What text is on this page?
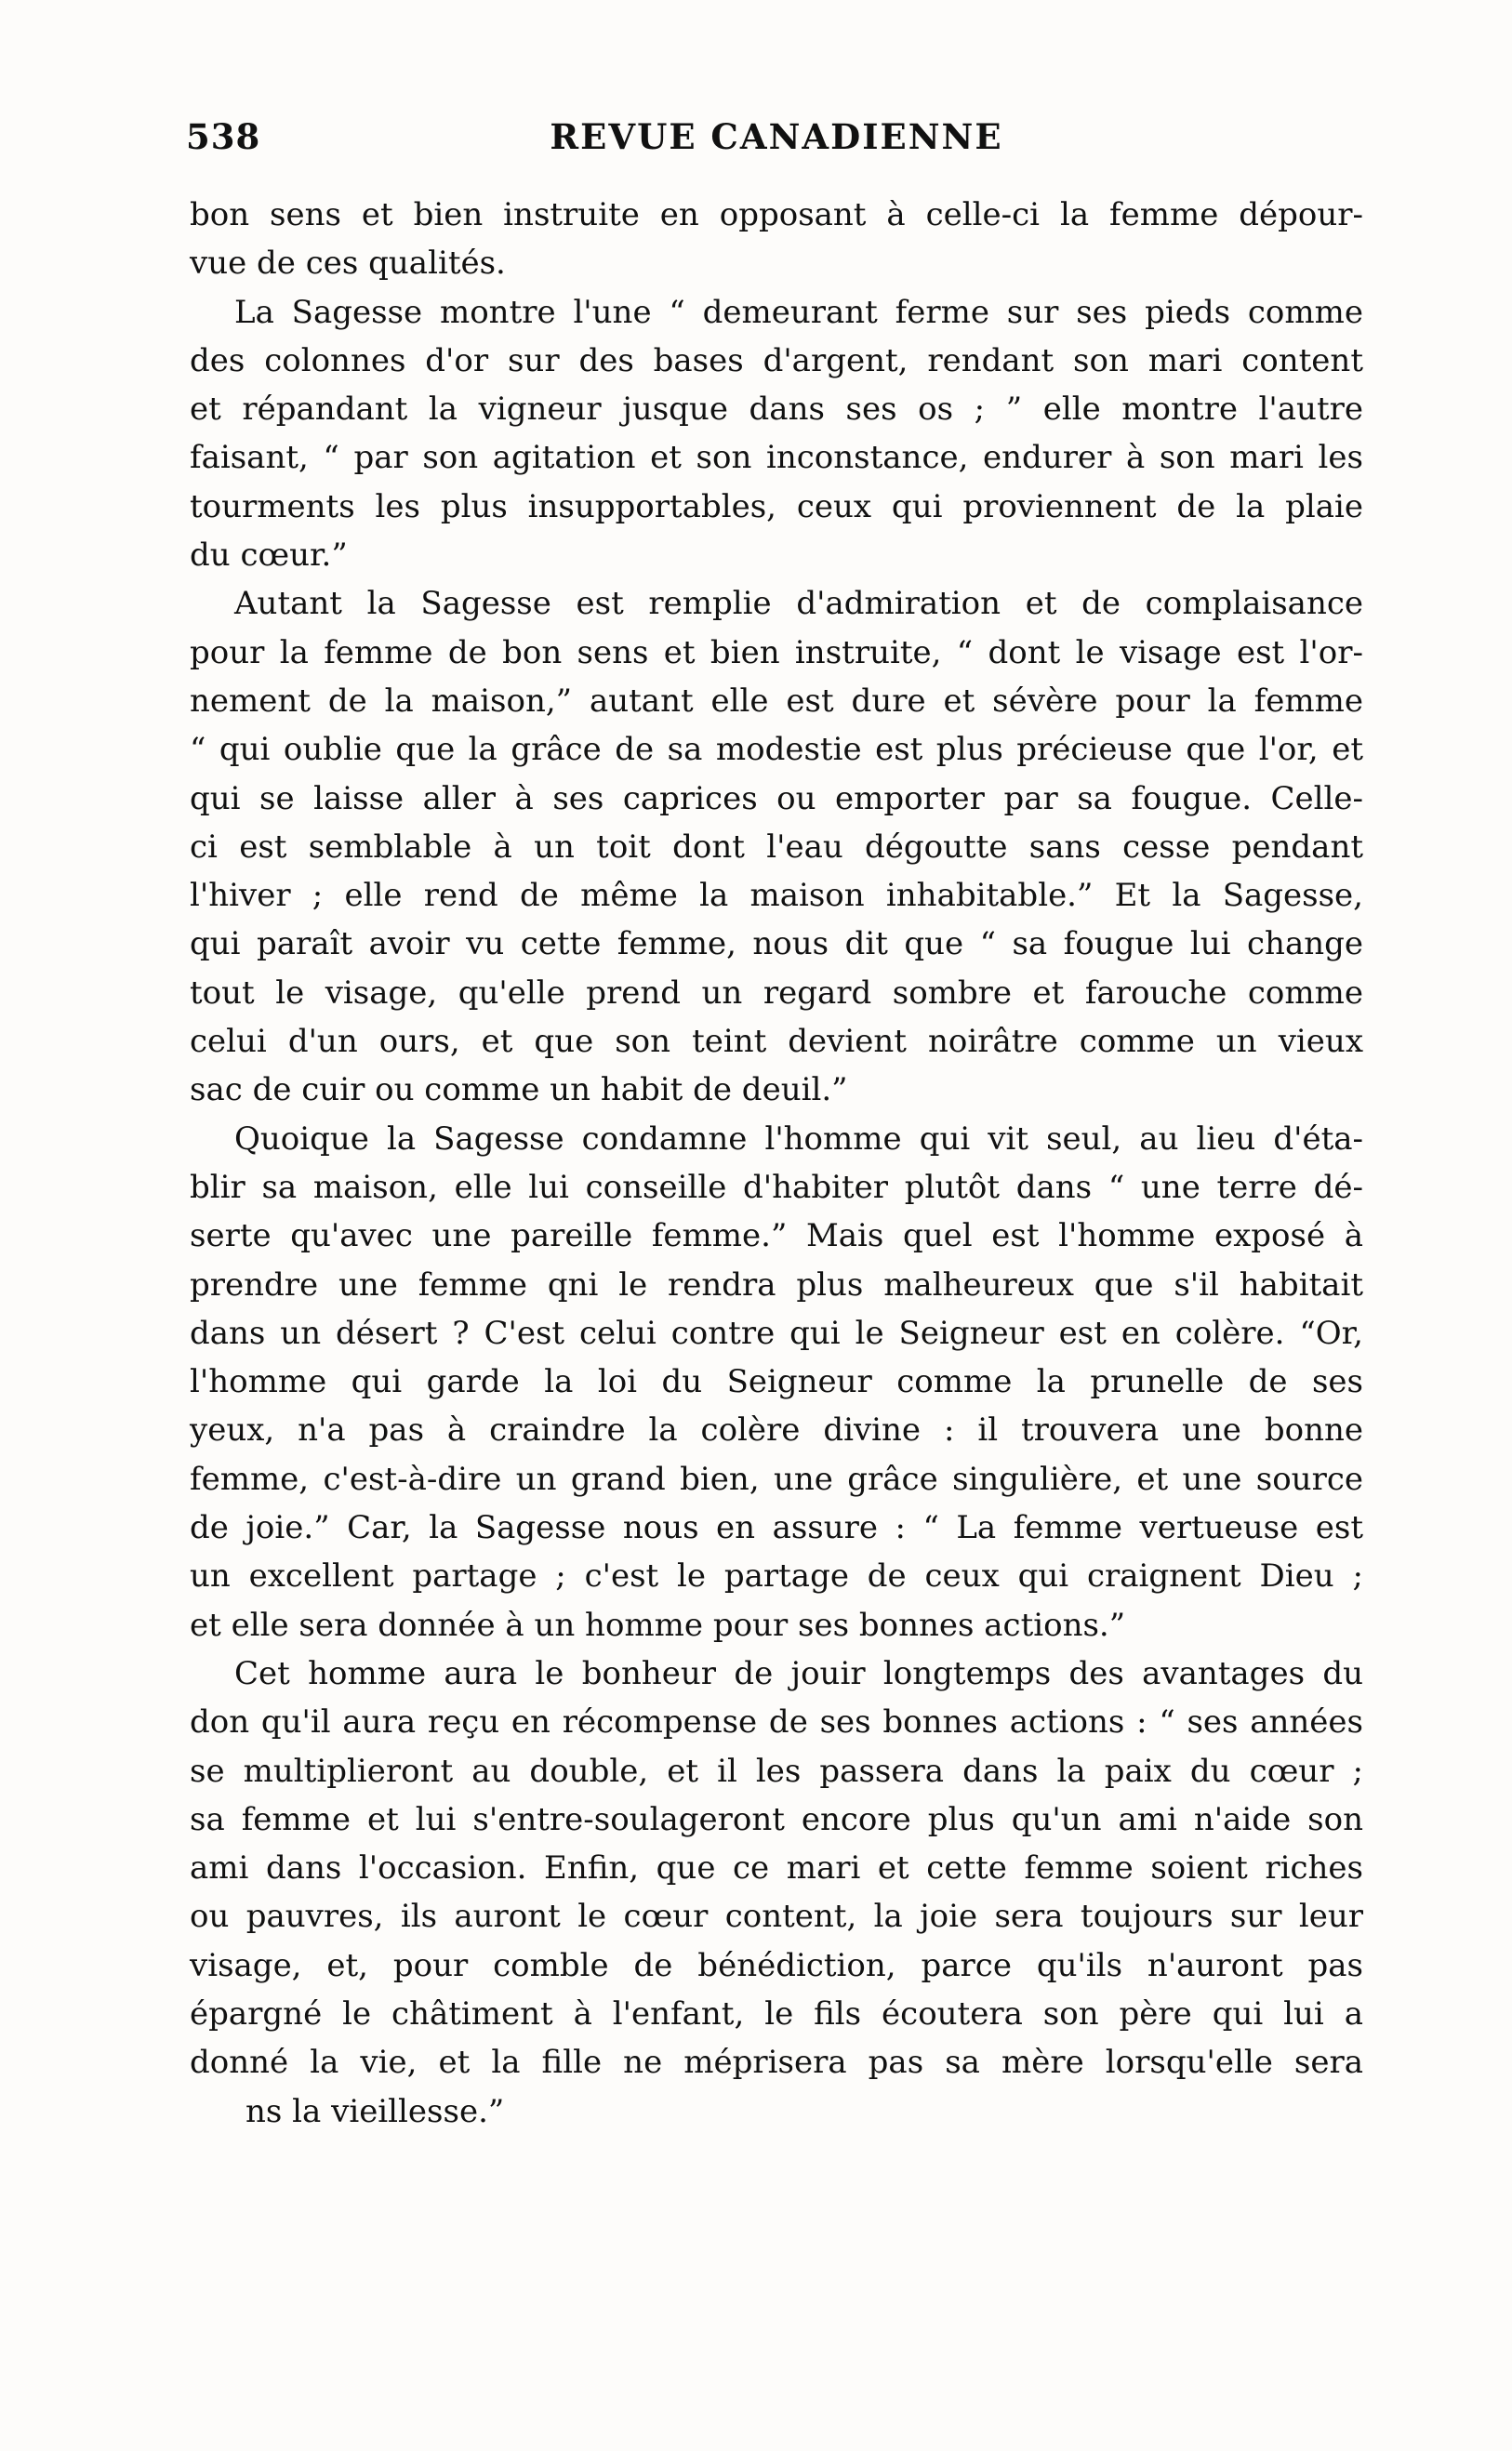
538	REVUE CANADIENNE
bon sens et bien instruite en opposant à celle-ci la femme dépour-
vue de ces qualités.
La Sagesse montre l'une “ demeurant ferme sur ses pieds comme
des colonnes d'or sur des bases d'argent, rendant son mari content
et répandant la vigneur jusque dans ses os ; ” elle montre l'autre
faisant, “ par son agitation et son inconstance, endurer à son mari les
tourments les plus insupportables, ceux qui proviennent de la plaie
du cœur.”
Autant la Sagesse est remplie d'admiration et de complaisance
pour la femme de bon sens et bien instruite, “ dont le visage est l'or-
nement de la maison,” autant elle est dure et sévère pour la femme
“ qui oublie que la grâce de sa modestie est plus précieuse que l'or, et
qui se laisse aller à ses caprices ou emporter par sa fougue. Celle-
ci est semblable à un toit dont l'eau dégoutte sans cesse pendant
l'hiver ; elle rend de même la maison inhabitable.” Et la Sagesse,
qui paraît avoir vu cette femme, nous dit que “ sa fougue lui change
tout le visage, qu'elle prend un regard sombre et farouche comme
celui d'un ours, et que son teint devient noirâtre comme un vieux
sac de cuir ou comme un habit de deuil.”
Quoique la Sagesse condamne l'homme qui vit seul, au lieu d'éta-
blir sa maison, elle lui conseille d'habiter plutôt dans “ une terre dé-
serte qu'avec une pareille femme.” Mais quel est l'homme exposé à
prendre une femme qni le rendra plus malheureux que s'il habitait
dans un désert ? C'est celui contre qui le Seigneur est en colère. “Or,
l'homme qui garde la loi du Seigneur comme la prunelle de ses
yeux, n'a pas à craindre la colère divine : il trouvera une bonne
femme, c'est-à-dire un grand bien, une grâce singulière, et une source
de joie.” Car, la Sagesse nous en assure : “ La femme vertueuse est
un excellent partage ; c'est le partage de ceux qui craignent Dieu ;
et elle sera donnée à un homme pour ses bonnes actions.”
Cet homme aura le bonheur de jouir longtemps des avantages du
don qu'il aura reçu en récompense de ses bonnes actions : “ ses années
se multiplieront au double, et il les passera dans la paix du cœur ;
sa femme et lui s'entre-soulageront encore plus qu'un ami n'aide son
ami dans l'occasion. Enfin, que ce mari et cette femme soient riches
ou pauvres, ils auront le cœur content, la joie sera toujours sur leur
visage, et, pour comble de bénédiction, parce qu'ils n'auront pas
épargné le châtiment à l'enfant, le fils écoutera son père qui lui a
donné la vie, et la fille ne méprisera pas sa mère lorsqu'elle sera
ns la vieillesse.”
